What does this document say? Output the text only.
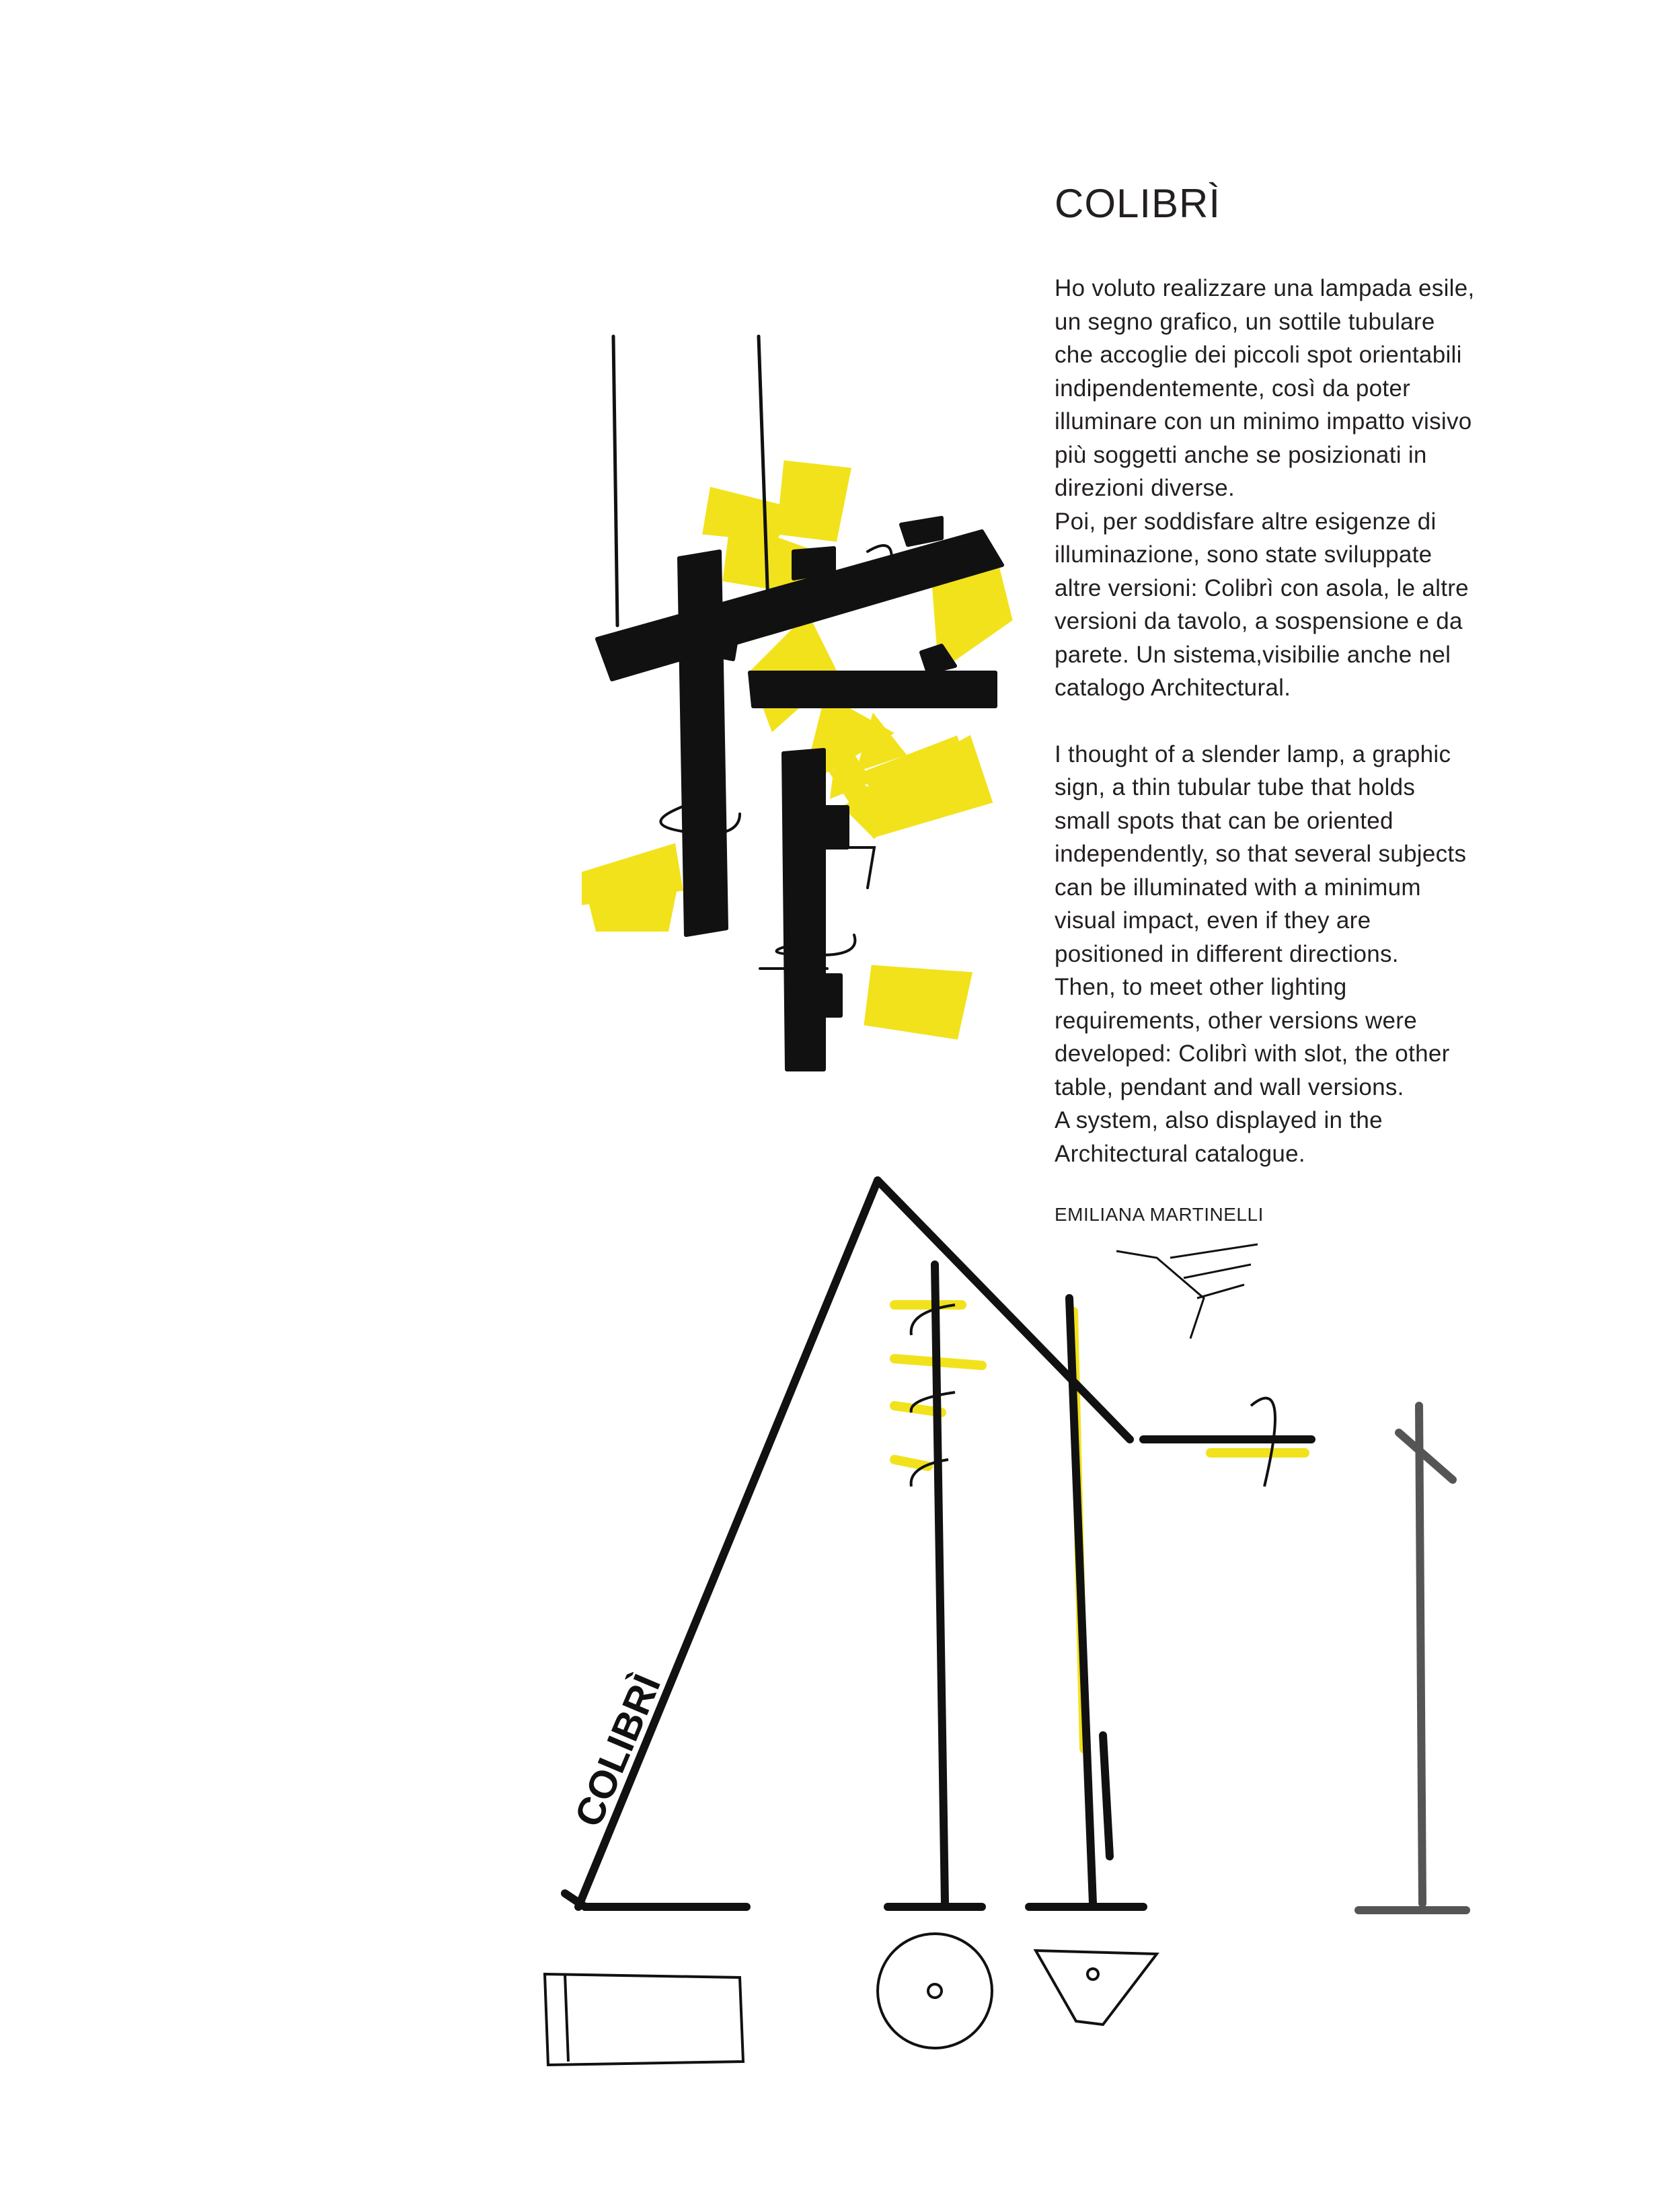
COLIBRÌ
COLIBRÌ

Ho voluto realizzare una lampada esile,
un segno grafico, un sottile tubulare
che accoglie dei piccoli spot orientabili
indipendentemente, così da poter
illuminare con un minimo impatto visivo
più soggetti anche se posizionati in
direzioni diverse.
Poi, per soddisfare altre esigenze di
illuminazione, sono state sviluppate
altre versioni: Colibrì con asola, le altre
versioni da tavolo, a sospensione e da
parete. Un sistema,visibilie anche nel
catalogo Architectural.

I thought of a slender lamp, a graphic
sign, a thin tubular tube that holds
small spots that can be oriented
independently, so that several subjects
can be illuminated with a minimum
visual impact, even if they are
positioned in different directions.
Then, to meet other lighting
requirements, other versions were
developed: Colibrì with slot, the other
table, pendant and wall versions.
A system, also displayed in the
Architectural catalogue.

EMILIANA MARTINELLI
